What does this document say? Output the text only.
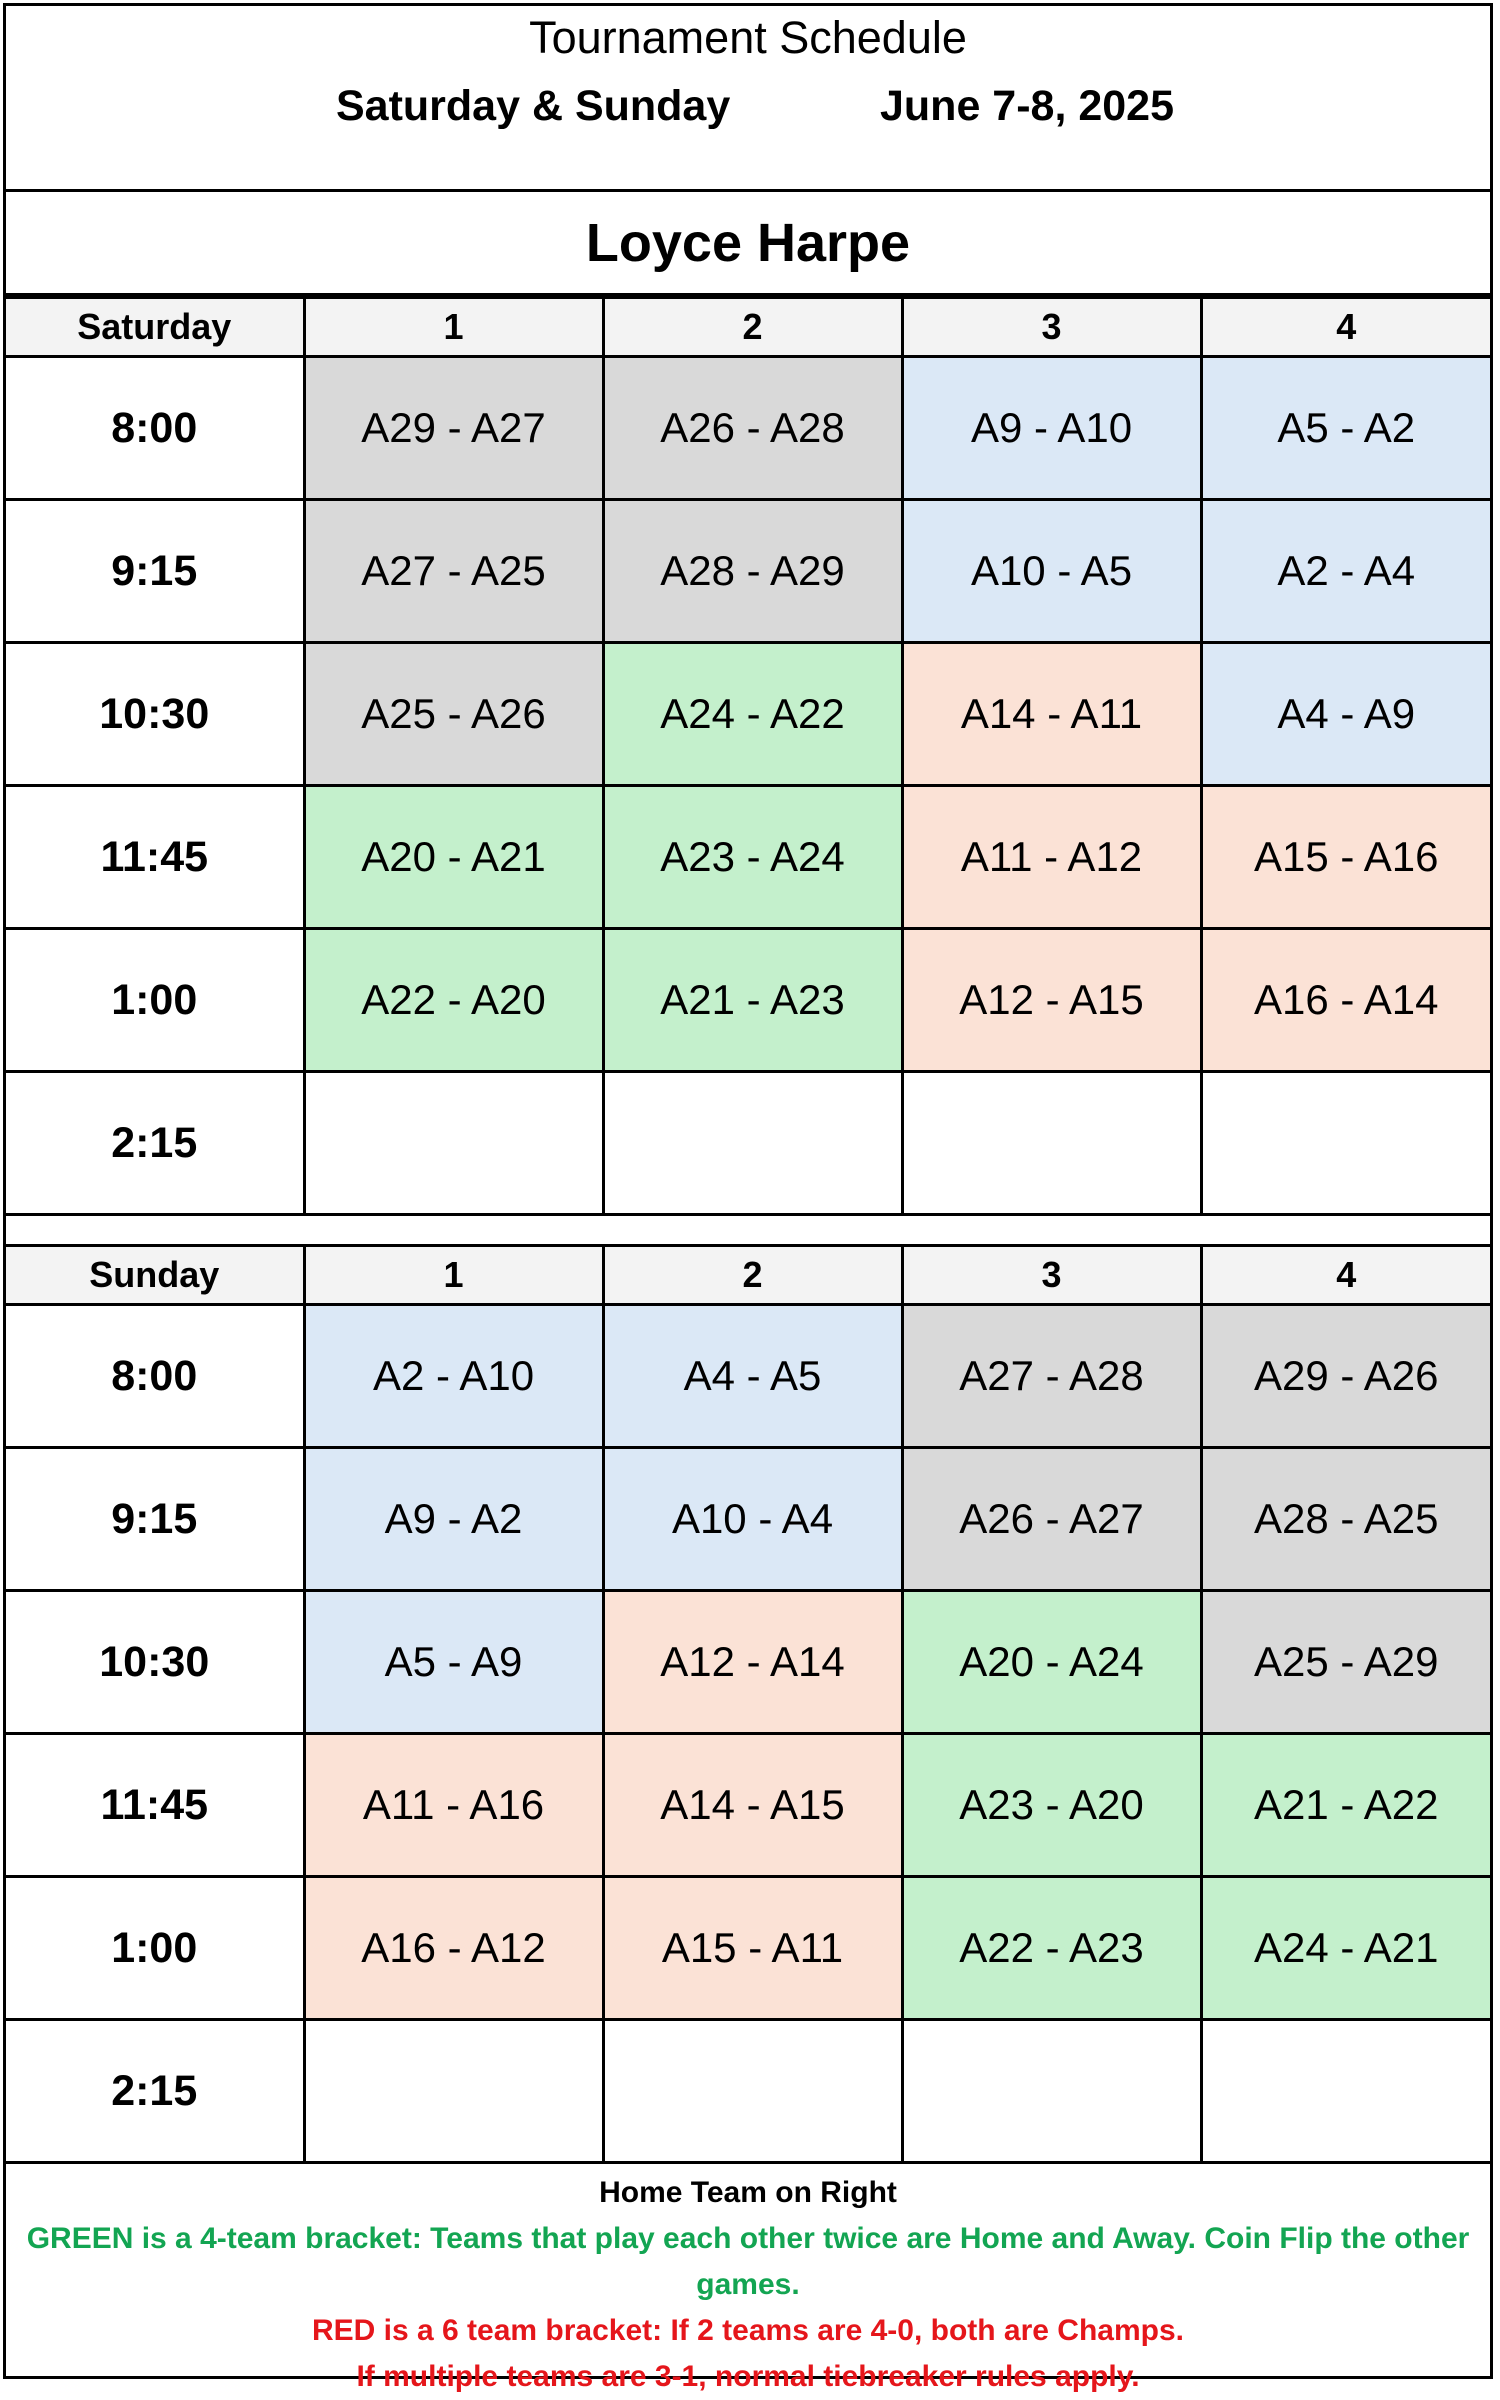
Tournament Schedule
Saturday & Sunday	June 7-8, 2025
Loyce Harpe
Saturday	1	2	3	4
8:00	A29 - A27	A26 - A28	A9 - A10	A5 - A2
9:15	A27 - A25	A28 - A29	A10 - A5	A2 - A4
10:30	A25 - A26	A24 - A22	A14 - A11	A4 - A9
11:45	A20 - A21	A23 - A24	A11 - A12	A15 - A16
1:00	A22 - A20	A21 - A23	A12 - A15	A16 - A14
2:15				
Sunday	1	2	3	4
8:00	A2 - A10	A4 - A5	A27 - A28	A29 - A26
9:15	A9 - A2	A10 - A4	A26 - A27	A28 - A25
10:30	A5 - A9	A12 - A14	A20 - A24	A25 - A29
11:45	A11 - A16	A14 - A15	A23 - A20	A21 - A22
1:00	A16 - A12	A15 - A11	A22 - A23	A24 - A21
2:15				
Home Team on Right
GREEN is a 4-team bracket: Teams that play each other twice are Home and Away. Coin Flip the other games.
RED is a 6 team bracket: If 2 teams are 4-0, both are Champs.
If multiple teams are 3-1, normal tiebreaker rules apply.
